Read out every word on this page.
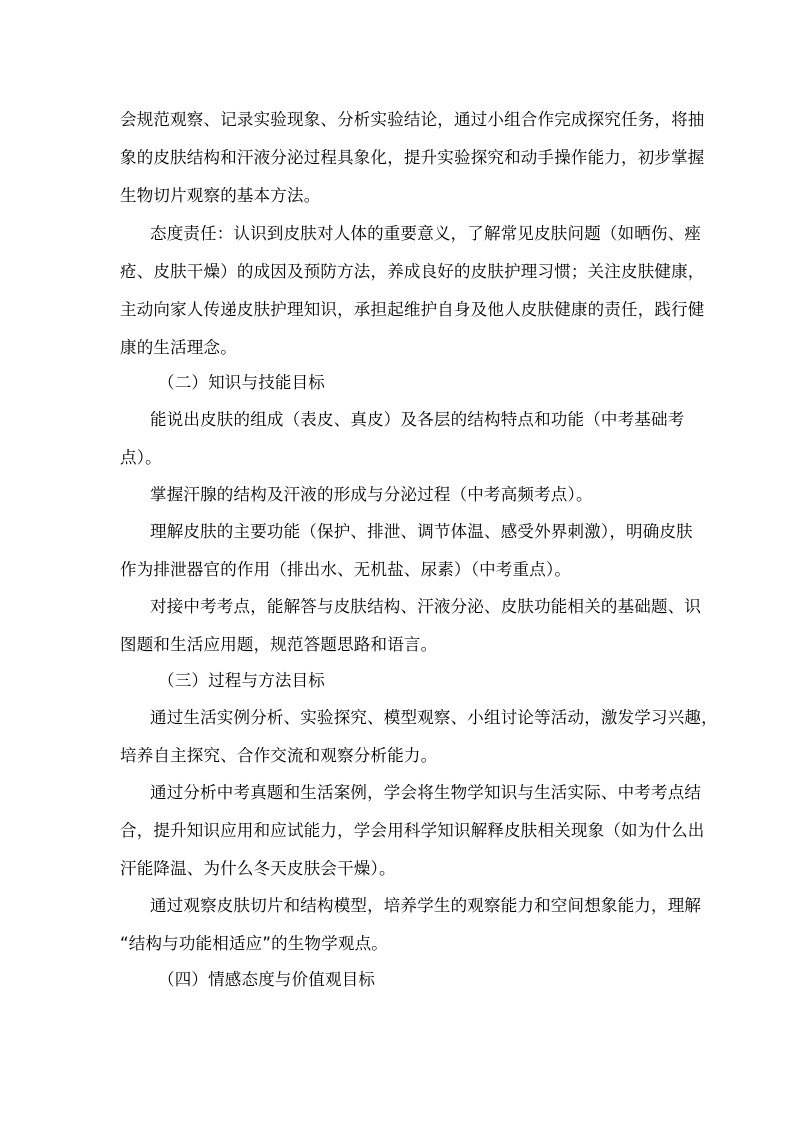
会规范观察、记录实验现象、分析实验结论，通过小组合作完成探究任务，将抽
象的皮肤结构和汗液分泌过程具象化，提升实验探究和动手操作能力，初步掌握
生物切片观察的基本方法。
态度责任：认识到皮肤对人体的重要意义，了解常见皮肤问题（如晒伤、痤
疮、皮肤干燥）的成因及预防方法，养成良好的皮肤护理习惯；关注皮肤健康，
主动向家人传递皮肤护理知识，承担起维护自身及他人皮肤健康的责任，践行健
康的生活理念。
（二）知识与技能目标
能说出皮肤的组成（表皮、真皮）及各层的结构特点和功能（中考基础考
点）。
掌握汗腺的结构及汗液的形成与分泌过程（中考高频考点）。
理解皮肤的主要功能（保护、排泄、调节体温、感受外界刺激），明确皮肤
作为排泄器官的作用（排出水、无机盐、尿素）（中考重点）。
对接中考考点，能解答与皮肤结构、汗液分泌、皮肤功能相关的基础题、识
图题和生活应用题，规范答题思路和语言。
（三）过程与方法目标
通过生活实例分析、实验探究、模型观察、小组讨论等活动，激发学习兴趣，
培养自主探究、合作交流和观察分析能力。
通过分析中考真题和生活案例，学会将生物学知识与生活实际、中考考点结
合，提升知识应用和应试能力，学会用科学知识解释皮肤相关现象（如为什么出
汗能降温、为什么冬天皮肤会干燥）。
通过观察皮肤切片和结构模型，培养学生的观察能力和空间想象能力，理解
“结构与功能相适应”的生物学观点。
（四）情感态度与价值观目标
